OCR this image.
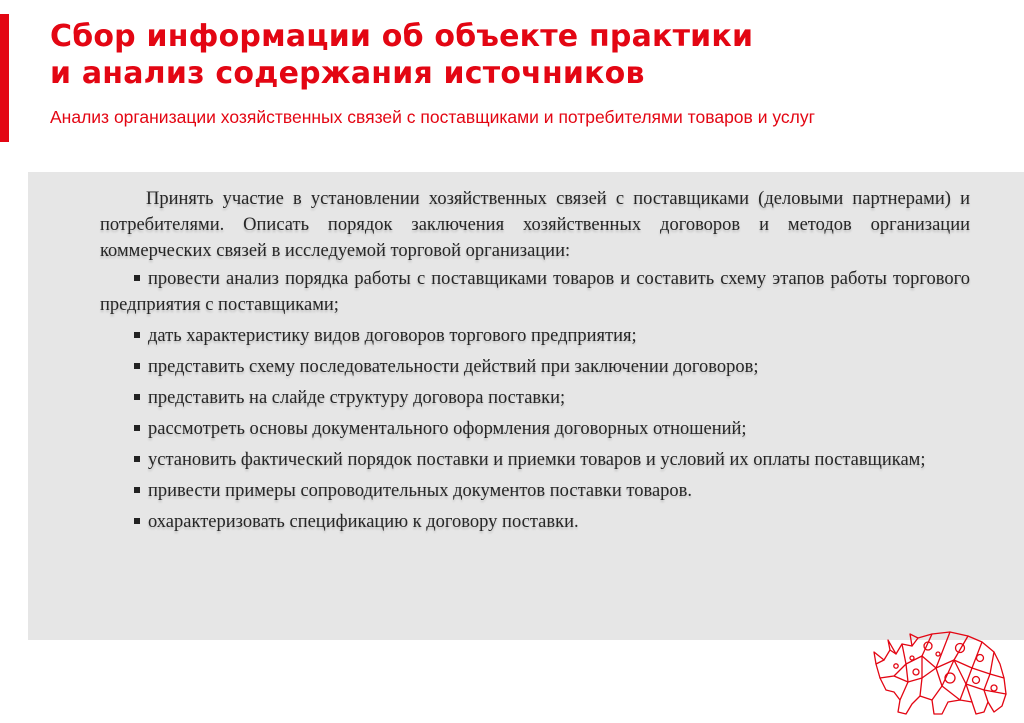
Сбор информации об объекте практики
и анализ содержания источников

Анализ организации хозяйственных связей с поставщиками и потребителями товаров и услуг

Принять участие в установлении хозяйственных связей с поставщиками (деловыми партнерами) и потребителями. Описать порядок заключения хозяйственных договоров и методов организации коммерческих связей в исследуемой торговой организации:

провести анализ порядка работы с поставщиками товаров и составить схему этапов работы торгового предприятия с поставщиками;
дать характеристику видов договоров торгового предприятия;
представить схему последовательности действий при заключении договоров;
представить на слайде структуру договора поставки;
рассмотреть основы документального оформления договорных отношений;
установить фактический порядок поставки и приемки товаров и условий их оплаты поставщикам;
привести примеры сопроводительных документов поставки товаров.
охарактеризовать спецификацию к договору поставки.
